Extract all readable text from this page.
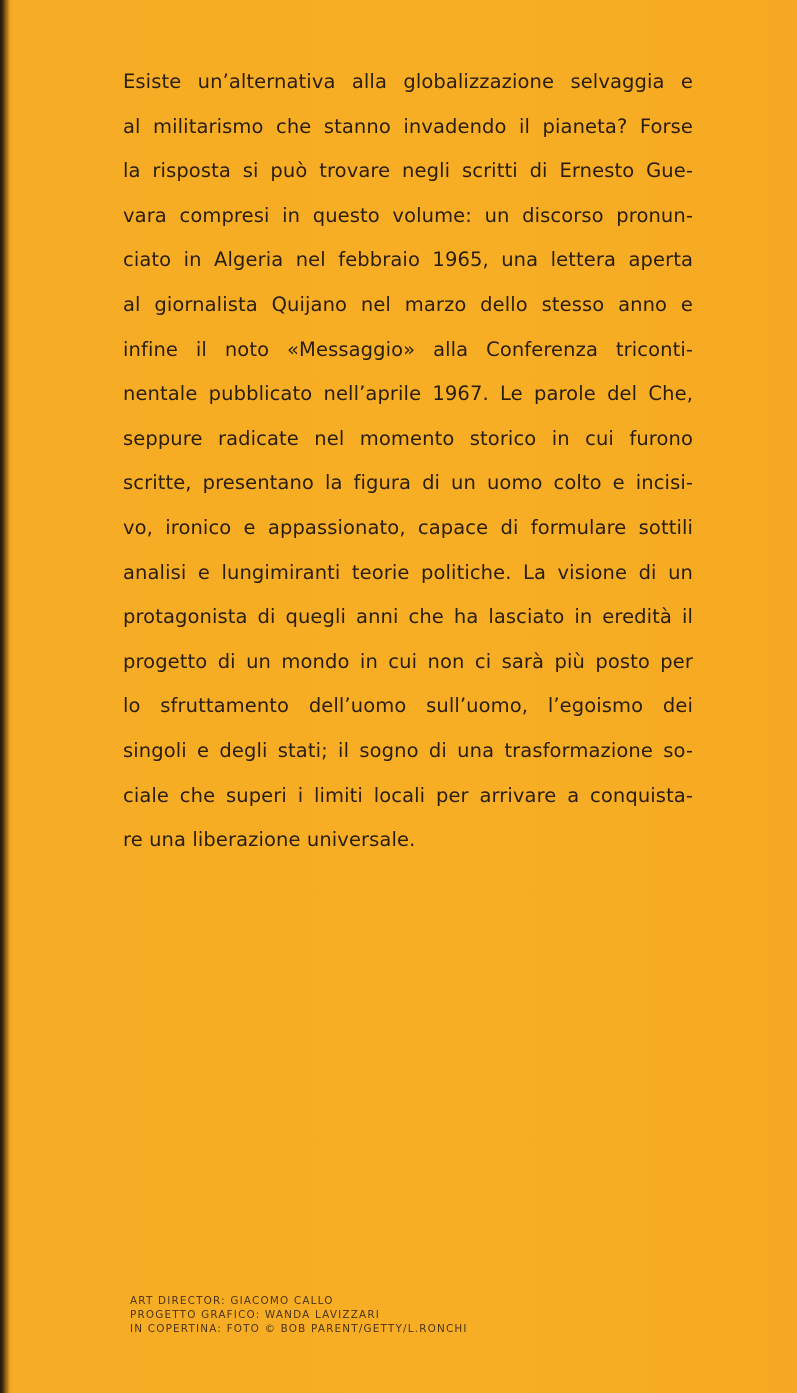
Esiste un’alternativa alla globalizzazione selvaggia e
al militarismo che stanno invadendo il pianeta? Forse
la risposta si può trovare negli scritti di Ernesto Gue-
vara compresi in questo volume: un discorso pronun-
ciato in Algeria nel febbraio 1965, una lettera aperta
al giornalista Quijano nel marzo dello stesso anno e
infine il noto «Messaggio» alla Conferenza triconti-
nentale pubblicato nell’aprile 1967. Le parole del Che,
seppure radicate nel momento storico in cui furono
scritte, presentano la figura di un uomo colto e incisi-
vo, ironico e appassionato, capace di formulare sottili
analisi e lungimiranti teorie politiche. La visione di un
protagonista di quegli anni che ha lasciato in eredità il
progetto di un mondo in cui non ci sarà più posto per
lo sfruttamento dell’uomo sull’uomo, l’egoismo dei
singoli e degli stati; il sogno di una trasformazione so-
ciale che superi i limiti locali per arrivare a conquista-
re una liberazione universale.
ART DIRECTOR: GIACOMO CALLO
PROGETTO GRAFICO: WANDA LAVIZZARI
IN COPERTINA: FOTO © BOB PARENT/GETTY/L.RONCHI
